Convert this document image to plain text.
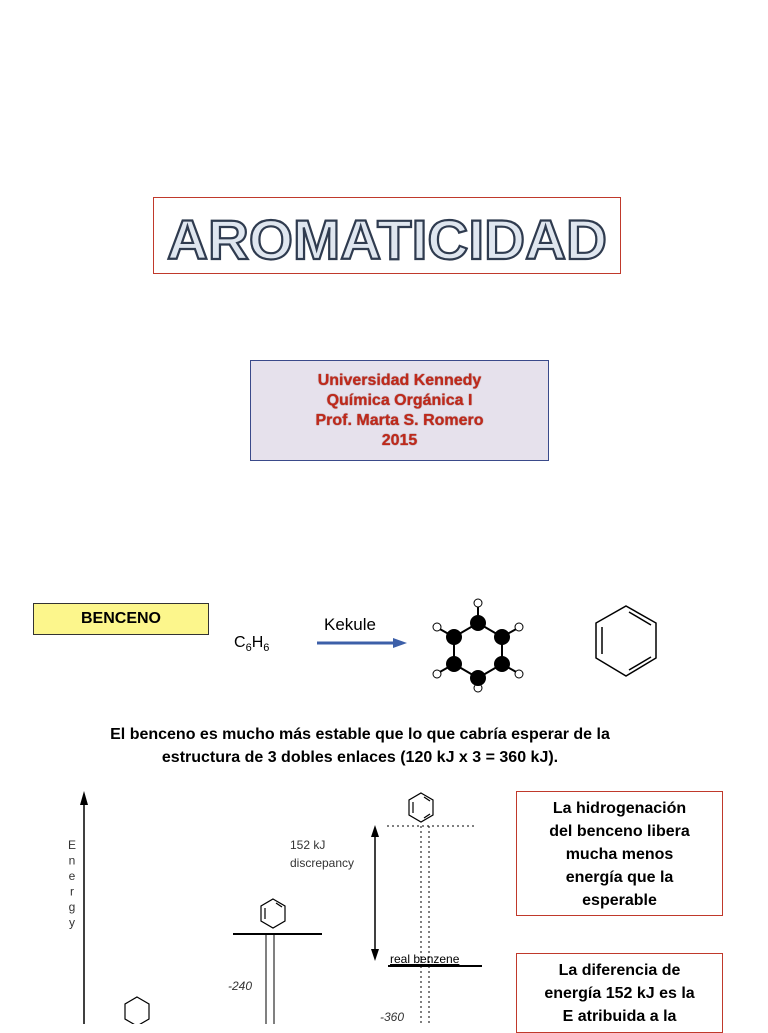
AROMATICIDAD
Universidad Kennedy
Química Orgánica I
Prof. Marta S. Romero
2015
BENCENO
$C_6H_6$
Kekule
El benceno es mucho más estable que lo que cabría esperar de la
estructura de 3 dobles enlaces (120 kJ x 3 = 360 kJ).
E n e r g y
-240
152 kJ
discrepancy
real benzene
-360
La hidrogenación
del benceno libera
mucha menos
energía que la
esperable
La diferencia de
energía 152 kJ es la
E atribuida a la
